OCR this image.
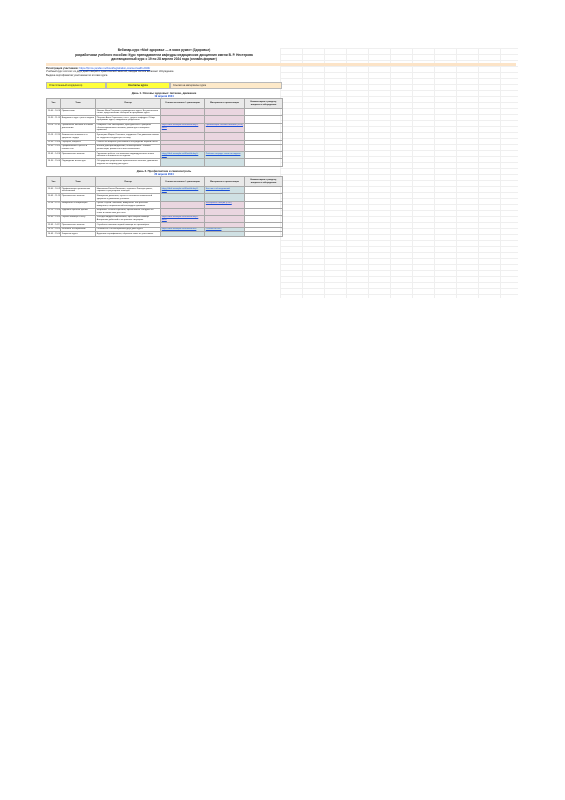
Вебинар-курс «Моё здоровье — в моих руках» (Здоровье)
разработчики учебного пособия: Курс преподаватели кафедры медицинских дисциплин имени В. Р. Нестерова
дистанционный курс с 19 по 28 апреля 2024 года (онлайн-формат)
Регистрация участников: https://forms.yandex.ru/cloud/registration-course-health-2024/
Учебный курс состоит из двух дней лекций и практических занятий, каждая сессия включает обсуждение.
Выдача сертификатов участникам по итогам курса
Ответственный координатор	Контакты курса	Ссылки на материалы курса
День 1. Основы здоровья: питание, движение
19 апреля 2024
Час	Тема	Лектор	Ссылка на запись / трансляцию	Материалы и презентации	Комментарии к разделу, вопросы и обсуждения
10:00 - 10:30	Приветствие	Иванов Иван Петрович, руководитель курса. Вступительное слово, представление лекторов и программы курса.			
10:30 - 11:00	Введение в курс: цели и задачи	Петрова Анна Сергеевна, к.м.н., доцент кафедры. Обзор программы курса, ожидаемые результаты.			
11:00 - 11:45	Правильное питание и основы диетологии	Смирнов Олег Викторович, врач-диетолог. Принципы сбалансированного питания, режим дня и пищевые привычки.	https://disk.example.ru/d/health-day1-part1	Презентация: основы питания (PDF)	
11:45 - 12:30	Физическая активность и здоровье сердца	Кузнецова Мария Олеговна, кардиолог. Как движение влияет на сердечно-сосудистую систему.			
12:30 - 13:00	Перерыв, вопросы	Ответы на вопросы участников и обсуждение первой части.			
13:00 - 13:45	Профилактика стресса и гигиена сна	Волков Дмитрий Андреевич, психотерапевт. Техники релаксации, режим сна и восстановления.			
13:45 - 14:30	Практическое занятие	Групповая работа: составление индивидуального плана питания и активности на неделю.	https://disk.example.ru/d/health-day1-part2	Рабочая тетрадь: план на неделю	
14:30 - 15:00	Подведение итогов дня	Обсуждение результатов практического занятия, домашнее задание ко второму дню курса.			
День 2. Профилактика и самоконтроль
20 апреля 2024
Час	Тема	Лектор	Ссылка на запись / трансляцию	Материалы и презентации	Комментарии к разделу, вопросы и обсуждения
10:00 - 10:45	Профилактика хронических заболеваний	Николаева Елена Ивановна, терапевт. Факторы риска, скрининг и регулярные осмотры.	https://disk.example.ru/d/health-day2-part1	Чек-лист обследований	
10:45 - 11:30	Практическое занятие	Измерение давления, пульса и основных показателей здоровья в домашних условиях.			
11:30 - 12:15	Иммунитет и вакцинация	Орлов Сергей Павлович, иммунолог. Как работает иммунитет, национальный календарь прививок.		Материалы лекции (PDF)	
12:15 - 13:00	Здоровье органов зрения	Морозова Татьяна Юрьевна, офтальмолог. Нагрузка на глаза и гимнастика для глаз.			
13:00 - 13:45	Первая помощь в быту	Лебедев Андрей Николаевич, врач скорой помощи. Алгоритмы действий в экстренных ситуациях.	https://disk.example.ru/d/health-day2-part2		
13:45 - 14:15	Практическое занятие	Отработка навыков первой помощи на тренажёрах.			
14:15 - 14:45	Итоговое тестирование	Онлайн-тест по материалам двух дней курса.	https://disk.example.ru/d/health-test	Ссылка на тест	
14:45 - 15:00	Закрытие курса	Вручение сертификатов, обратная связь от участников.			
